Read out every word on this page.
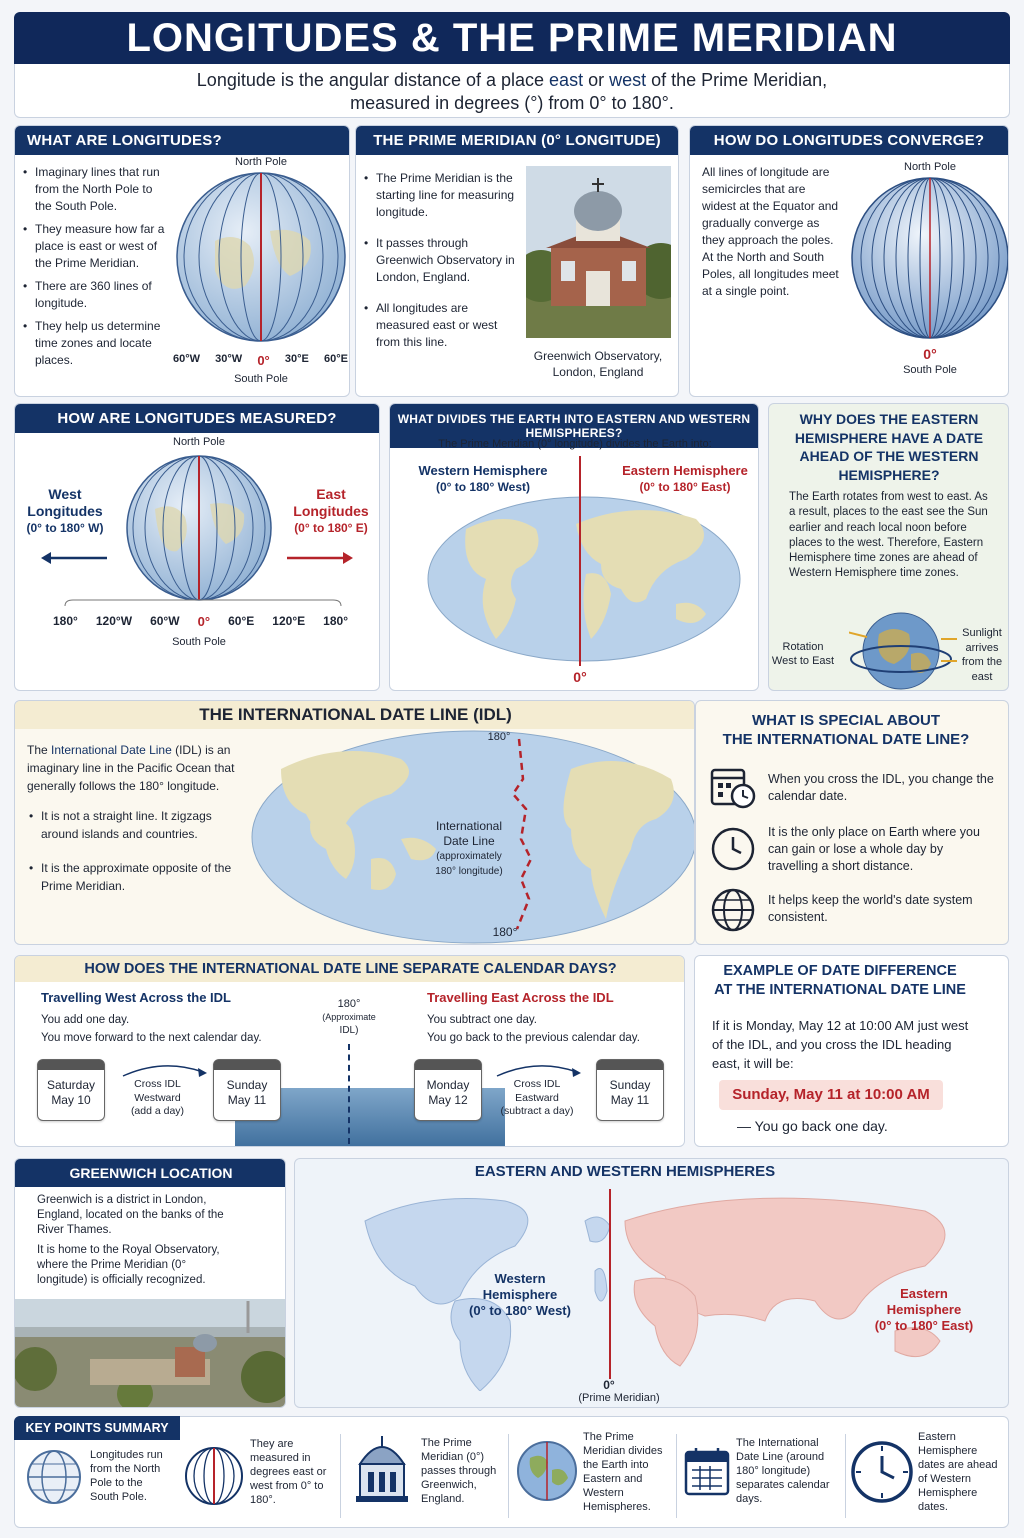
LONGITUDES & THE PRIME MERIDIAN
Longitude is the angular distance of a place east or west of the Prime Meridian,
measured in degrees (°) from 0° to 180°.
WHAT ARE LONGITUDES?
• Imaginary lines that run from the North Pole to the South Pole.
• They measure how far a place is east or west of the Prime Meridian.
• There are 360 lines of longitude.
• They help us determine time zones and locate places.
North Pole
60°W 30°W 0° 30°E 60°E
South Pole
THE PRIME MERIDIAN (0° LONGITUDE)
• The Prime Meridian is the starting line for measuring longitude.
• It passes through Greenwich Observatory in London, England.
• All longitudes are measured east or west from this line.
Greenwich Observatory,
London, England
HOW DO LONGITUDES CONVERGE?
All lines of longitude are semicircles that are widest at the Equator and gradually converge as they approach the poles. At the North and South Poles, all longitudes meet at a single point.
North Pole
0°
South Pole
HOW ARE LONGITUDES MEASURED?
North Pole
West
Longitudes
(0° to 180° W)
East
Longitudes
(0° to 180° E)
180° 120°W 60°W 0° 60°E 120°E 180°
South Pole
WHAT DIVIDES THE EARTH INTO EASTERN AND WESTERN HEMISPHERES?
The Prime Meridian (0° longitude) divides the Earth into:
Western Hemisphere
(0° to 180° West)
Eastern Hemisphere
(0° to 180° East)
0°
WHY DOES THE EASTERN HEMISPHERE HAVE A DATE AHEAD OF THE WESTERN HEMISPHERE?
The Earth rotates from west to east. As a result, places to the east see the Sun earlier and reach local noon before places to the west. Therefore, Eastern Hemisphere time zones are ahead of Western Hemisphere time zones.
Rotation
West to East
Sunlight
arrives
from the
east
THE INTERNATIONAL DATE LINE (IDL)
The International Date Line (IDL) is an imaginary line in the Pacific Ocean that generally follows the 180° longitude.
• It is not a straight line. It zigzags around islands and countries.
• It is the approximate opposite of the Prime Meridian.
180°
International
Date Line
(approximately
180° longitude)
180°
WHAT IS SPECIAL ABOUT
THE INTERNATIONAL DATE LINE?
When you cross the IDL, you change the calendar date.
It is the only place on Earth where you can gain or lose a whole day by travelling a short distance.
It helps keep the world's date system consistent.
HOW DOES THE INTERNATIONAL DATE LINE SEPARATE CALENDAR DAYS?
Travelling West Across the IDL
You add one day.
You move forward to the next calendar day.
Travelling East Across the IDL
You subtract one day.
You go back to the previous calendar day.
180°
(Approximate
IDL)
Saturday
May 10
Cross IDL
Westward
(add a day)
Sunday
May 11
Monday
May 12
Cross IDL
Eastward
(subtract a day)
Sunday
May 11
EXAMPLE OF DATE DIFFERENCE
AT THE INTERNATIONAL DATE LINE
If it is Monday, May 12 at 10:00 AM just west of the IDL, and you cross the IDL heading east, it will be:
Sunday, May 11 at 10:00 AM
— You go back one day.
GREENWICH LOCATION
Greenwich is a district in London, England, located on the banks of the River Thames.
It is home to the Royal Observatory, where the Prime Meridian (0° longitude) is officially recognized.
EASTERN AND WESTERN HEMISPHERES
Western
Hemisphere
(0° to 180° West)
Eastern
Hemisphere
(0° to 180° East)
0°
(Prime Meridian)
KEY POINTS SUMMARY
Longitudes run from the North Pole to the South Pole.
They are measured in degrees east or west from 0° to 180°.
The Prime Meridian (0°) passes through Greenwich, England.
The Prime Meridian divides the Earth into Eastern and Western Hemispheres.
The International Date Line (around 180° longitude) separates calendar days.
Eastern Hemisphere dates are ahead of Western Hemisphere dates.
